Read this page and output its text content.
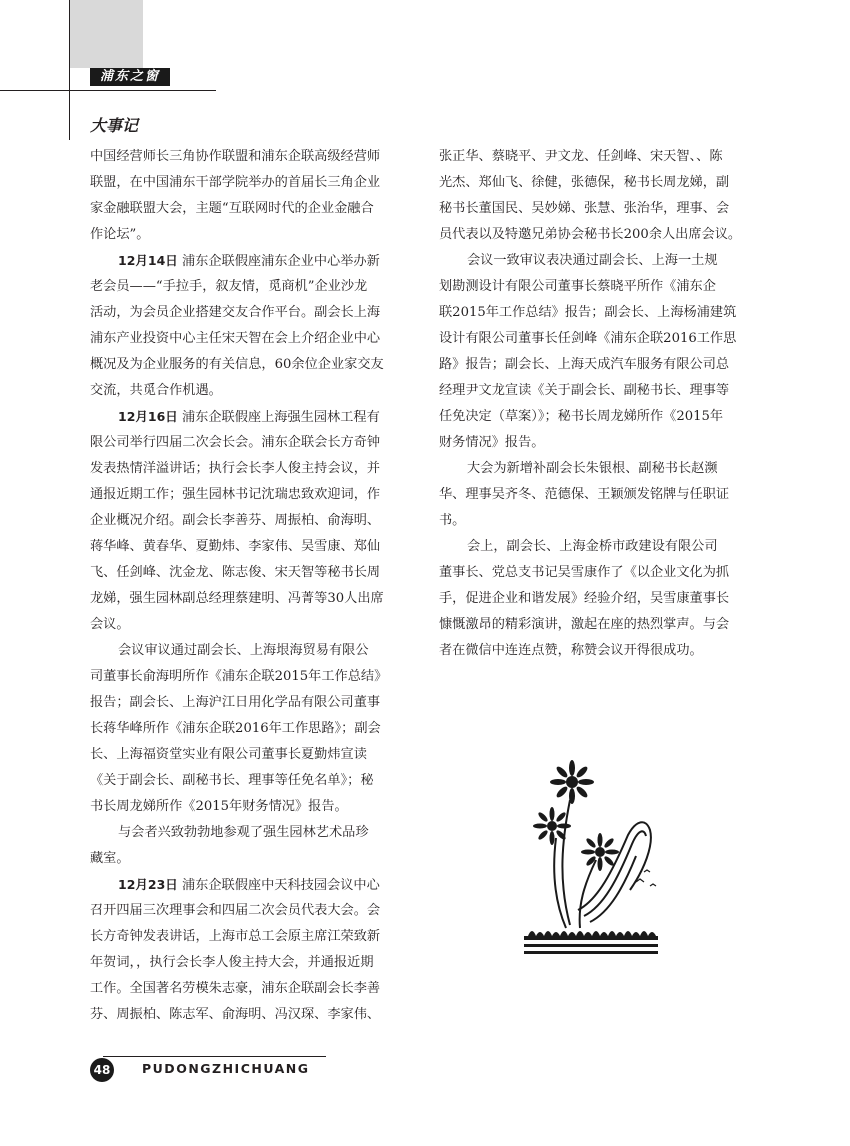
浦东之窗
大事记
中国经营师长三角协作联盟和浦东企联高级经营师
联盟，在中国浦东干部学院举办的首届长三角企业
家金融联盟大会，主题“互联网时代的企业金融合
作论坛”。
12月14日 浦东企联假座浦东企业中心举办新
老会员——“手拉手，叙友情，觅商机”企业沙龙
活动，为会员企业搭建交友合作平台。副会长上海
浦东产业投资中心主任宋天智在会上介绍企业中心
概况及为企业服务的有关信息，60余位企业家交友
交流，共觅合作机遇。
12月16日 浦东企联假座上海强生园林工程有
限公司举行四届二次会长会。浦东企联会长方奇钟
发表热情洋溢讲话；执行会长李人俊主持会议，并
通报近期工作；强生园林书记沈瑞忠致欢迎词，作
企业概况介绍。副会长李善芬、周振柏、俞海明、
蒋华峰、黄春华、夏勤炜、李家伟、吴雪康、郑仙
飞、任剑峰、沈金龙、陈志俊、宋天智等秘书长周
龙娣，强生园林副总经理蔡建明、冯菁等30人出席
会议。
会议审议通过副会长、上海垠海贸易有限公
司董事长俞海明所作《浦东企联2015年工作总结》
报告；副会长、上海沪江日用化学品有限公司董事
长蒋华峰所作《浦东企联2016年工作思路》；副会
长、上海福资堂实业有限公司董事长夏勤炜宣读
《关于副会长、副秘书长、理事等任免名单》；秘
书长周龙娣所作《2015年财务情况》报告。
与会者兴致勃勃地参观了强生园林艺术品珍
藏室。
12月23日 浦东企联假座中天科技园会议中心
召开四届三次理事会和四届二次会员代表大会。会
长方奇钟发表讲话，上海市总工会原主席江荣致新
年贺词，，执行会长李人俊主持大会，并通报近期
工作。全国著名劳模朱志豪，浦东企联副会长李善
芬、周振柏、陈志军、俞海明、冯汉琛、李家伟、
张正华、蔡晓平、尹文龙、任剑峰、宋天智、、陈
光杰、郑仙飞、徐健，张德保，秘书长周龙娣，副
秘书长董国民、吴妙娣、张慧、张治华，理事、会
员代表以及特邀兄弟协会秘书长200余人出席会议。
会议一致审议表决通过副会长、上海一土规
划勘测设计有限公司董事长蔡晓平所作《浦东企
联2015年工作总结》报告；副会长、上海杨浦建筑
设计有限公司董事长任剑峰《浦东企联2016工作思
路》报告；副会长、上海天成汽车服务有限公司总
经理尹文龙宣读《关于副会长、副秘书长、理事等
任免决定（草案）》；秘书长周龙娣所作《2015年
财务情况》报告。
大会为新增补副会长朱银根、副秘书长赵濒
华、理事吴齐冬、范德保、王颖颁发铭牌与任职证
书。
会上，副会长、上海金桥市政建设有限公司
董事长、党总支书记吴雪康作了《以企业文化为抓
手，促进企业和谐发展》经验介绍，吴雪康董事长
慷慨激昂的精彩演讲，激起在座的热烈掌声。与会
者在微信中连连点赞，称赞会议开得很成功。
48	PUDONGZHICHUANG
